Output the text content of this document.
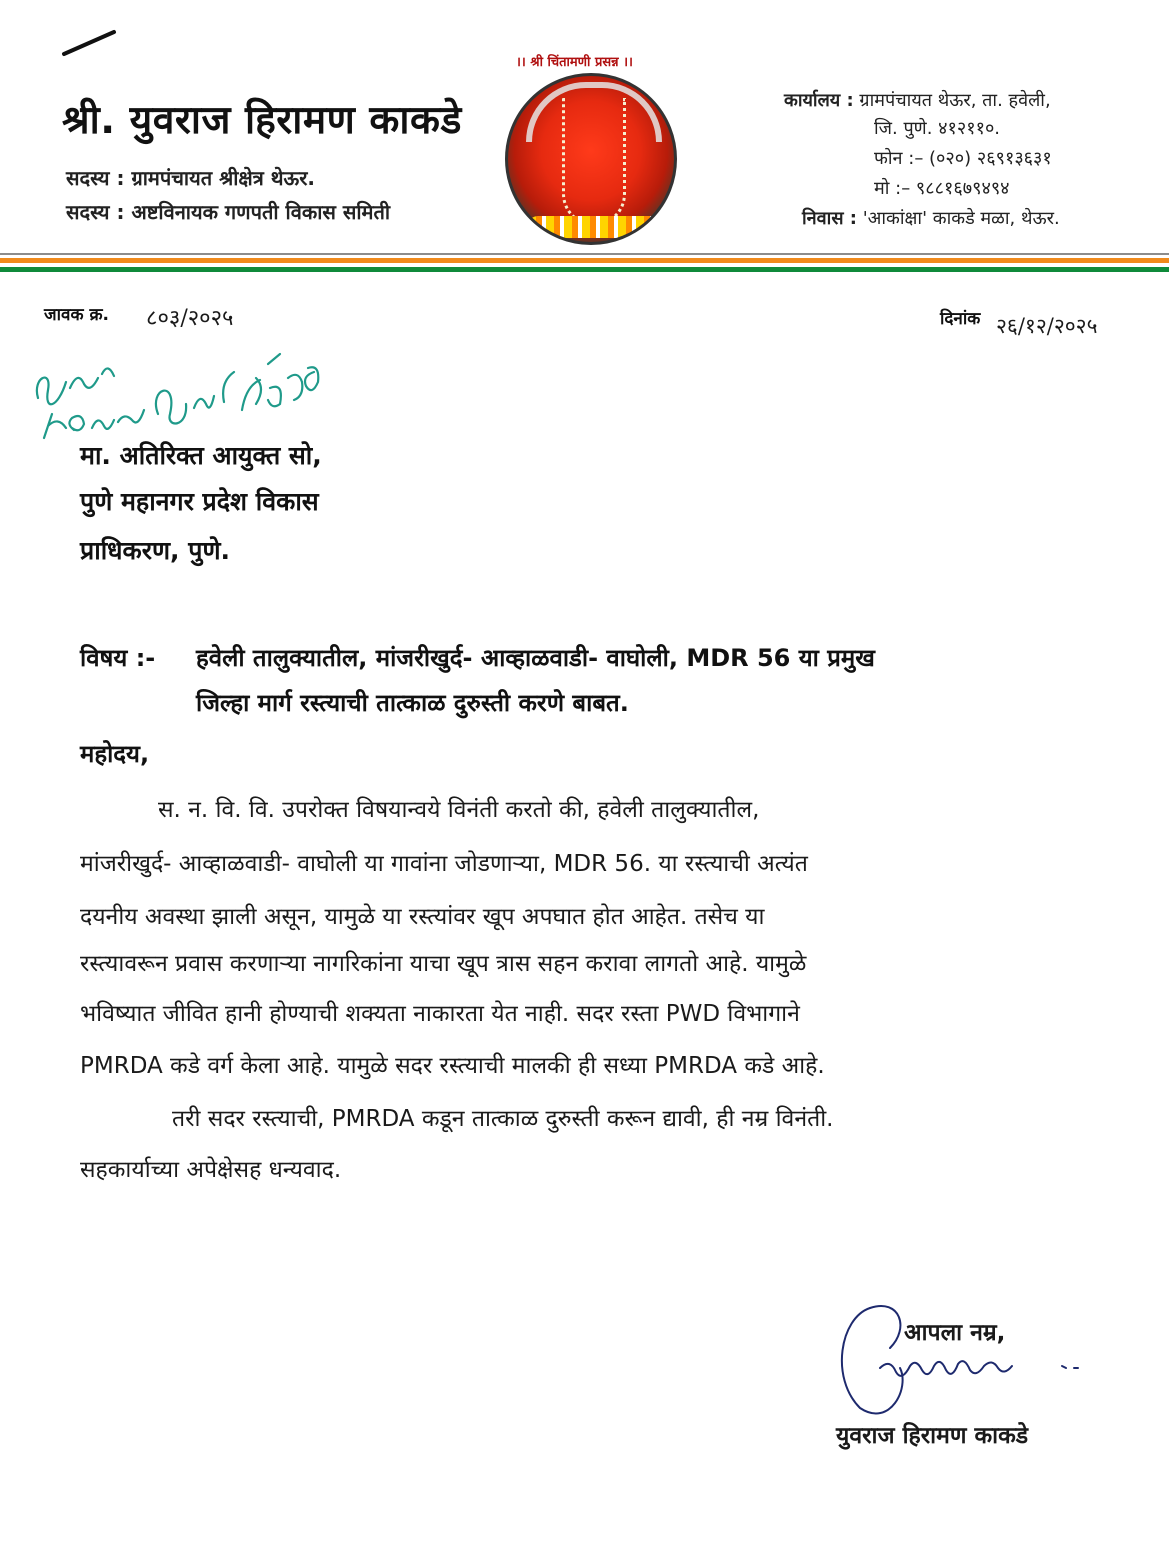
श्री. युवराज हिरामण काकडे
सदस्य : ग्रामपंचायत श्रीक्षेत्र थेऊर.
सदस्य : अष्टविनायक गणपती विकास समिती
।। श्री चिंतामणी प्रसन्न ।।
कार्यालय : ग्रामपंचायत थेऊर, ता. हवेली,
जि. पुणे. ४१२११०.
फोन :– (०२०) २६९१३६३१
मो :– ९८८१६७९४९४
निवास : 'आकांक्षा' काकडे मळा, थेऊर.
जावक क्र. ८०३/२०२५	दिनांक २६/१२/२०२५
मा. अतिरिक्त आयुक्त सो,
पुणे महानगर प्रदेश विकास
प्राधिकरण, पुणे.
विषय :- हवेली तालुक्यातील, मांजरीखुर्द- आव्हाळवाडी- वाघोली, MDR 56 या प्रमुख
जिल्हा मार्ग रस्त्याची तात्काळ दुरुस्ती करणे बाबत.
महोदय,
स. न. वि. वि. उपरोक्त विषयान्वये विनंती करतो की, हवेली तालुक्यातील,
मांजरीखुर्द- आव्हाळवाडी- वाघोली या गावांना जोडणाऱ्या, MDR 56. या रस्त्याची अत्यंत
दयनीय अवस्था झाली असून, यामुळे या रस्त्यांवर खूप अपघात होत आहेत. तसेच या
रस्त्यावरून प्रवास करणाऱ्या नागरिकांना याचा खूप त्रास सहन करावा लागतो आहे. यामुळे
भविष्यात जीवित हानी होण्याची शक्यता नाकारता येत नाही. सदर रस्ता PWD विभागाने
PMRDA कडे वर्ग केला आहे. यामुळे सदर रस्त्याची मालकी ही सध्या PMRDA कडे आहे.
तरी सदर रस्त्याची, PMRDA कडून तात्काळ दुरुस्ती करून द्यावी, ही नम्र विनंती.
सहकार्याच्या अपेक्षेसह धन्यवाद.
आपला नम्र,
युवराज हिरामण काकडे
